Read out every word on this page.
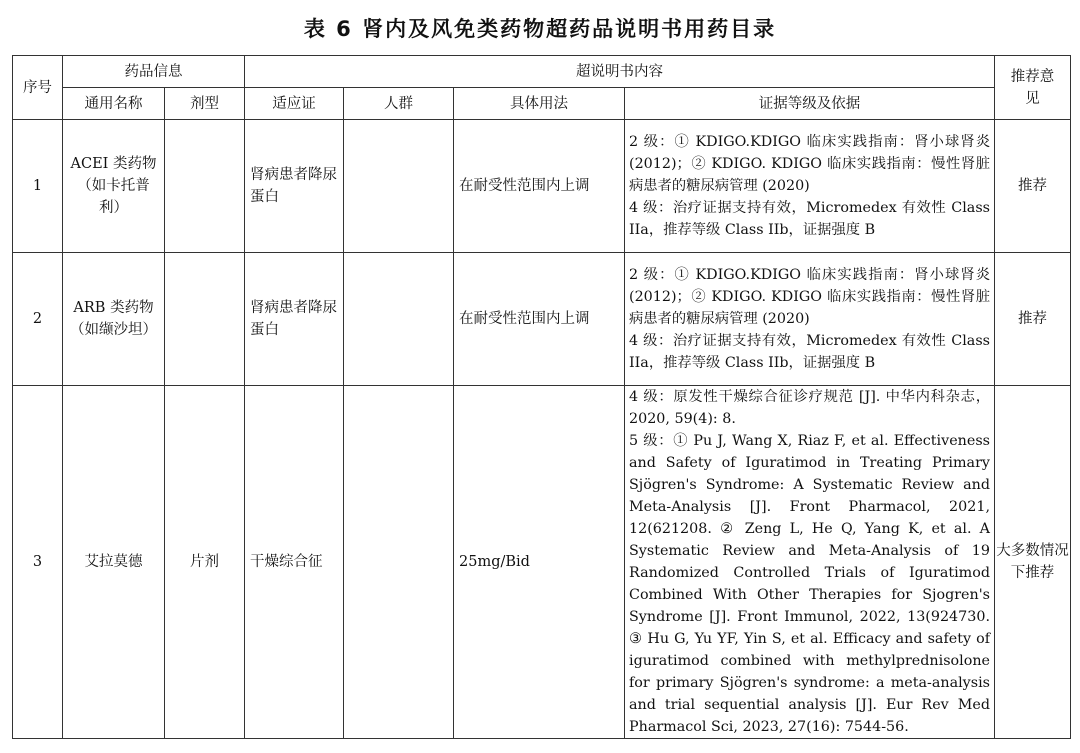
表 6 肾内及风免类药物超药品说明书用药目录
序号	药品信息		超说明书内容				推荐意见
	通用名称	剂型	适应证	人群	具体用法	证据等级及依据	
1	ACEI 类药物（如卡托普利）		肾病患者降尿蛋白		在耐受性范围内上调	2 级：① KDIGO.KDIGO 临床实践指南：肾小球肾炎 (2012)；② KDIGO. KDIGO 临床实践指南：慢性肾脏病患者的糖尿病管理 (2020)
4 级：治疗证据支持有效，Micromedex 有效性 Class IIa，推荐等级 Class IIb，证据强度 B	推荐
2	ARB 类药物（如缬沙坦）		肾病患者降尿蛋白		在耐受性范围内上调	2 级：① KDIGO.KDIGO 临床实践指南：肾小球肾炎 (2012)；② KDIGO. KDIGO 临床实践指南：慢性肾脏病患者的糖尿病管理 (2020)
4 级：治疗证据支持有效，Micromedex 有效性 Class IIa，推荐等级 Class IIb，证据强度 B	推荐
3	艾拉莫德	片剂	干燥综合征		25mg/Bid	4 级：原发性干燥综合征诊疗规范 [J]. 中华内科杂志，2020, 59(4): 8.
5 级：① Pu J, Wang X, Riaz F, et al. Effectiveness and Safety of Iguratimod in Treating Primary Sjögren's Syndrome: A Systematic Review and Meta-Analysis [J]. Front Pharmacol, 2021, 12(621208. ② Zeng L, He Q, Yang K, et al. A Systematic Review and Meta-Analysis of 19 Randomized Controlled Trials of Iguratimod Combined With Other Therapies for Sjogren's Syndrome [J]. Front Immunol, 2022, 13(924730. ③ Hu G, Yu YF, Yin S, et al. Efficacy and safety of iguratimod combined with methylprednisolone for primary Sjögren's syndrome: a meta-analysis and trial sequential analysis [J]. Eur Rev Med Pharmacol Sci, 2023, 27(16): 7544-56.	大多数情况下推荐
